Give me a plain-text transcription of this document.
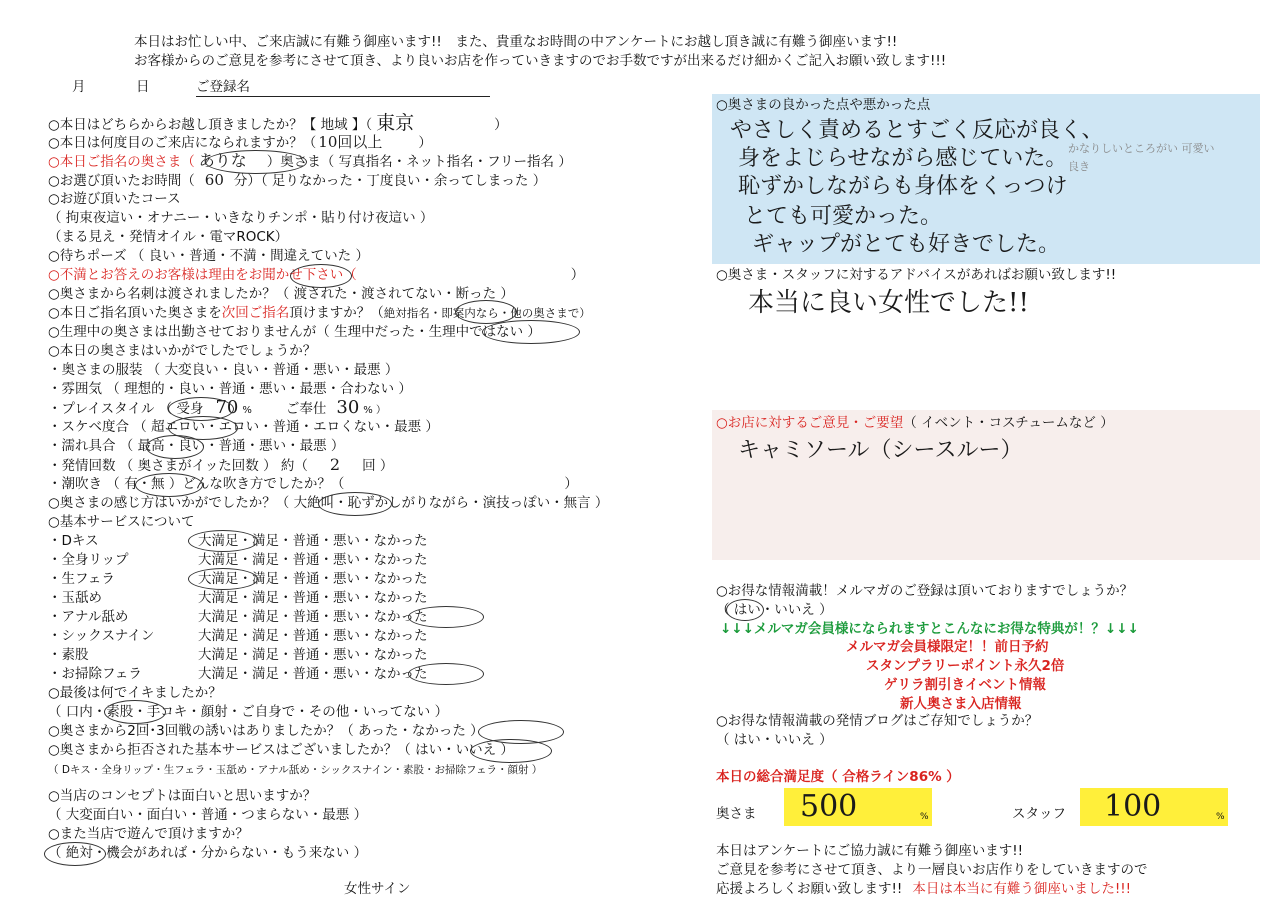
本日はお忙しい中、ご来店誠に有難う御座います!!　また、貴重なお時間の中アンケートにお越し頂き誠に有難う御座います!!
お客様からのご意見を参考にさせて頂き、より良いお店を作っていきますのでお手数ですが出来るだけ細かくご記入お願い致します!!!
月	日	ご登録名
○本日はどちらからお越し頂きましたか？【 地域 】（ 東京	）
○本日は何度目のご来店になられますか？（ 10回以上	）
○本日ご指名の奥さま（ ありな ）奥さま（ 写真指名・ネット指名・フリー指名 ）
○お選び頂いたお時間（ 60 分）（ 足りなかった・丁度良い・余ってしまった ）
○お遊び頂いたコース
（ 拘束夜這い・オナニー・いきなりチンポ・貼り付け夜這い ）
（まる見え・発情オイル・電マROCK）
○待ちポーズ （ 良い・普通・不満・間違えていた ）
○不満とお答えのお客様は理由をお聞かせ下さい（	）
○奥さまから名刺は渡されましたか？（ 渡された・渡されてない・断った ）
○本日ご指名頂いた奥さまを次回ご指名頂けますか？（絶対指名・即案内なら・他の奥さまで）
○生理中の奥さまは出勤させておりませんが（ 生理中だった・生理中ではない ）
○本日の奥さまはいかがでしたでしょうか？
・奥さまの服装 （ 大変良い・良い・普通・悪い・最悪 ）
・雰囲気 （ 理想的・良い・普通・悪い・最悪・合わない ）
・プレイスタイル （ 受身 70 %	ご奉仕 30 % ）
・スケベ度合 （ 超エロい・エロい・普通・エロくない・最悪 ）
・濡れ具合 （ 最高・良い・普通・悪い・最悪 ）
・発情回数 （ 奥さまがイッた回数 ） 約（ 2 回 ）
・潮吹き （ 有・無 ）どんな吹き方でしたか？（	）
○奥さまの感じ方はいかがでしたか？（ 大絶叫・恥ずかしがりながら・演技っぽい・無言 ）
○基本サービスについて
・Dキス	大満足・満足・普通・悪い・なかった
・全身リップ	大満足・満足・普通・悪い・なかった
・生フェラ	大満足・満足・普通・悪い・なかった
・玉舐め	大満足・満足・普通・悪い・なかった
・アナル舐め	大満足・満足・普通・悪い・なかった
・シックスナイン	大満足・満足・普通・悪い・なかった
・素股	大満足・満足・普通・悪い・なかった
・お掃除フェラ	大満足・満足・普通・悪い・なかった
○最後は何でイキましたか？
（ 口内・素股・手コキ・顔射・ご自身で・その他・いってない ）
○奥さまから2回･3回戦の誘いはありましたか？（ あった・なかった ）
○奥さまから拒否された基本サービスはございましたか？（ はい・いいえ ）
（ Dキス・全身リップ・生フェラ・玉舐め・アナル舐め・シックスナイン・素股・お掃除フェラ・顔射 ）
○当店のコンセプトは面白いと思いますか？
（ 大変面白い・面白い・普通・つまらない・最悪 ）
○また当店で遊んで頂けますか？
（ 絶対・機会があれば・分からない・もう来ない ）
女性サイン
○奥さまの良かった点や悪かった点
やさしく責めるとすごく反応が良く、
身をよじらせながら感じていた。
恥ずかしながらも身体をくっつけ
とても可愛かった。
ギャップがとても好きでした。
かなりしいところがい 可愛い良き
○奥さま・スタッフに対するアドバイスがあればお願い致します!!
本当に良い女性でした!!
○お店に対するご意見・ご要望（ イベント・コスチュームなど ）
キャミソール（シースルー）
○お得な情報満載！メルマガのご登録は頂いておりますでしょうか？
（ はい・いいえ ）
↓↓↓メルマガ会員様になられますとこんなにお得な特典が！？↓↓↓
メルマガ会員様限定！！前日予約
スタンプラリーポイント永久2倍
ゲリラ割引きイベント情報
新人奥さま入店情報
○お得な情報満載の発情ブログはご存知でしょうか？
（ はい・いいえ ）
本日の総合満足度（ 合格ライン86% ）
奥さま 500	%	スタッフ 100	%
本日はアンケートにご協力誠に有難う御座います!!
ご意見を参考にさせて頂き、より一層良いお店作りをしていきますので
応援よろしくお願い致します!! 本日は本当に有難う御座いました!!!
